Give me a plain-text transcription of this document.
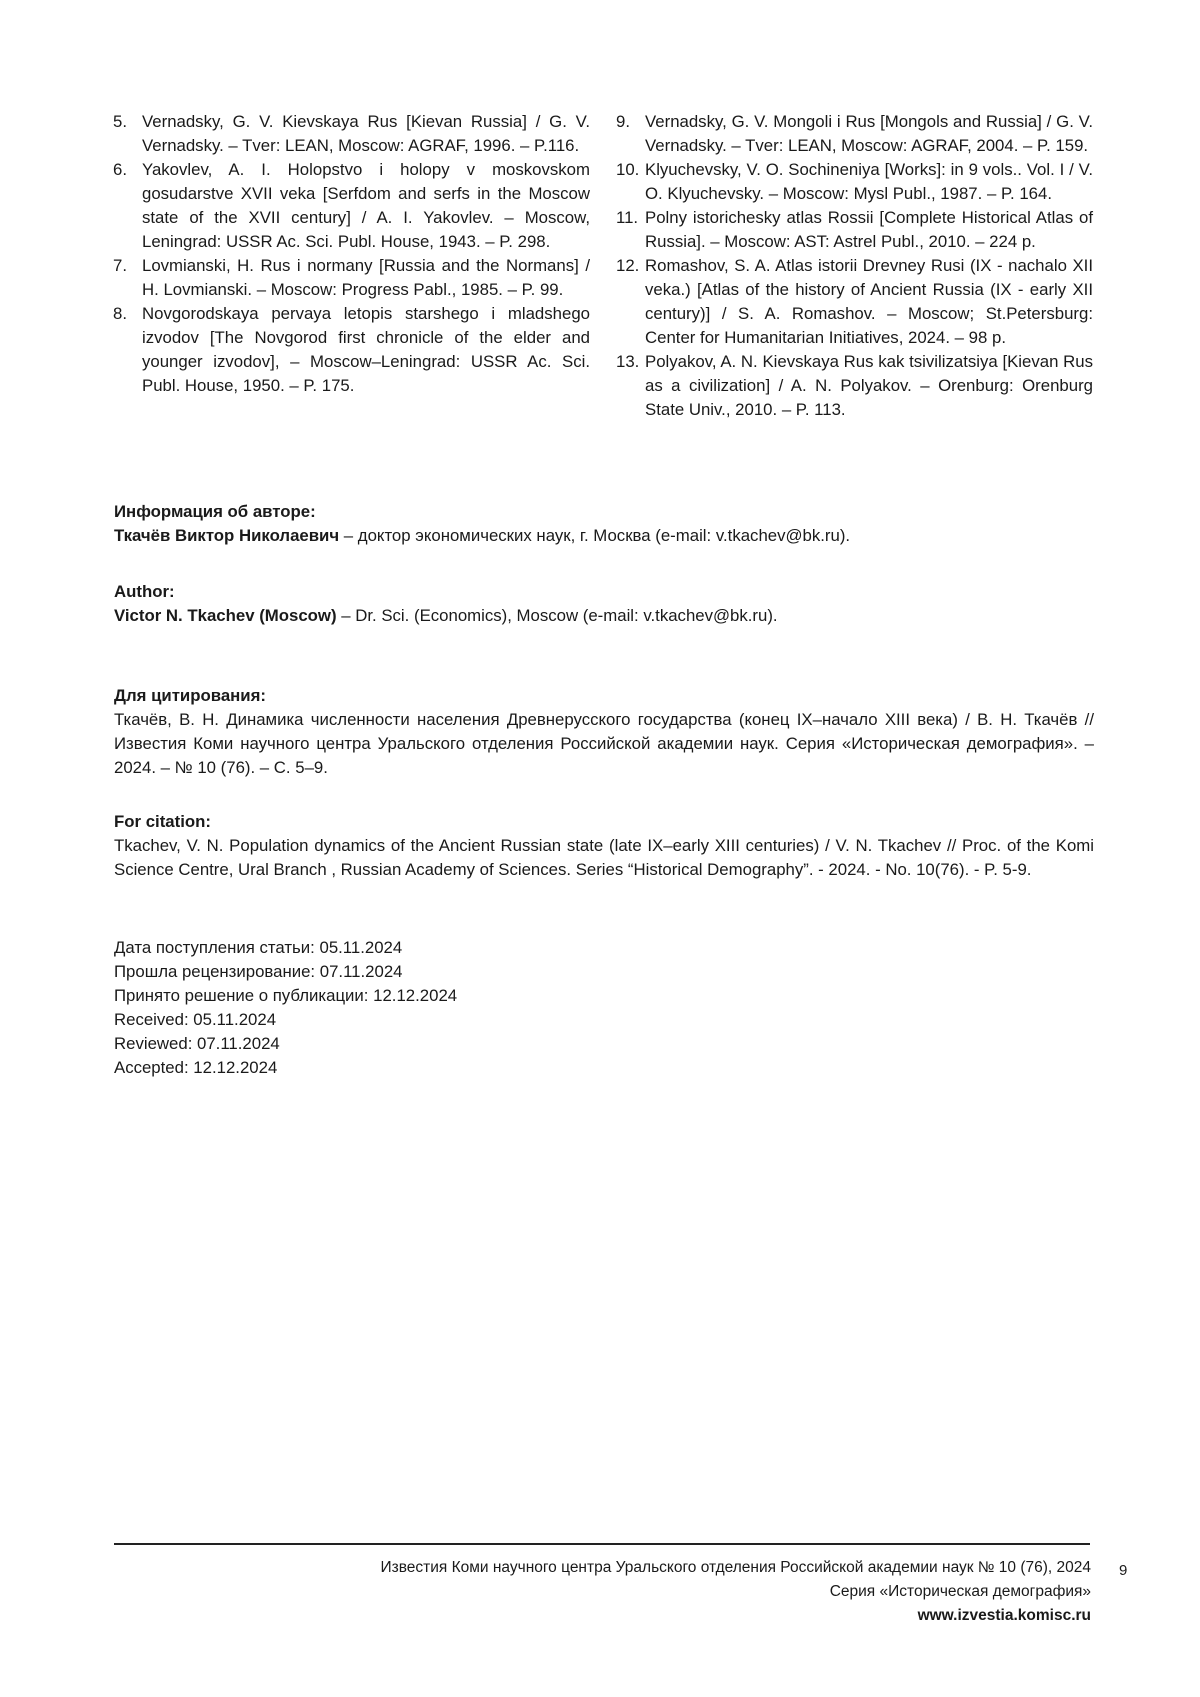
5. Vernadsky, G. V. Kievskaya Rus [Kievan Russia] / G. V. Vernadsky. – Tver: LEAN, Moscow: AGRAF, 1996. – P.116.
6. Yakovlev, A. I. Holopstvo i holopy v moskovskom gosudarstve XVII veka [Serfdom and serfs in the Moscow state of the XVII century] / A. I. Yakovlev. – Moscow, Leningrad: USSR Ac. Sci. Publ. House, 1943. – P. 298.
7. Lovmianski, H. Rus i normany [Russia and the Normans] / H. Lovmianski. – Moscow: Progress Pabl., 1985. – P. 99.
8. Novgorodskaya pervaya letopis starshego i mladshego izvodov [The Novgorod first chronicle of the elder and younger izvodov], – Moscow–Leningrad: USSR Ac. Sci. Publ. House, 1950. – P. 175.
9. Vernadsky, G. V. Mongoli i Rus [Mongols and Russia] / G. V. Vernadsky. – Tver: LEAN, Moscow: AGRAF, 2004. – P. 159.
10. Klyuchevsky, V. O. Sochineniya [Works]: in 9 vols.. Vol. I / V. O. Klyuchevsky. – Moscow: Mysl Publ., 1987. – P. 164.
11. Polny istorichesky atlas Rossii [Complete Historical Atlas of Russia]. – Moscow: AST: Astrel Publ., 2010. – 224 p.
12. Romashov, S. A. Atlas istorii Drevney Rusi (IX - nachalo XII veka.) [Atlas of the history of Ancient Russia (IX - early XII century)] / S. A. Romashov. – Moscow; St.Petersburg: Center for Humanitarian Initiatives, 2024. – 98 p.
13. Polyakov, A. N. Kievskaya Rus kak tsivilizatsiya [Kievan Rus as a civilization] / A. N. Polyakov. – Orenburg: Orenburg State Univ., 2010. – P. 113.

Информация об авторе:

Ткачёв Виктор Николаевич – доктор экономических наук, г. Москва (e-mail: v.tkachev@bk.ru).

Author:

Victor N. Tkachev (Moscow) – Dr. Sci. (Economics), Moscow (e-mail: v.tkachev@bk.ru).

Для цитирования:

Ткачёв, В. Н. Динамика численности населения Древнерусского государства (конец IX–начало XIII века) / В. Н. Ткачёв // Известия Коми научного центра Уральского отделения Российской академии наук. Серия «Историческая демография». – 2024. – № 10 (76). – С. 5–9.

For citation:

Tkachev, V. N. Population dynamics of the Ancient Russian state (late IX–early XIII centuries) / V. N. Tkachev // Proc. of the Komi Science Centre, Ural Branch , Russian Academy of Sciences. Series “Historical Demography”. - 2024. - No. 10(76). - P. 5-9.

Дата поступления статьи: 05.11.2024

Прошла рецензирование: 07.11.2024

Принято решение о публикации: 12.12.2024

Received: 05.11.2024

Reviewed: 07.11.2024

Accepted: 12.12.2024

Известия Коми научного центра Уральского отделения Российской академии наук № 10 (76), 2024
Серия «Историческая демография»
www.izvestia.komisc.ru
9
